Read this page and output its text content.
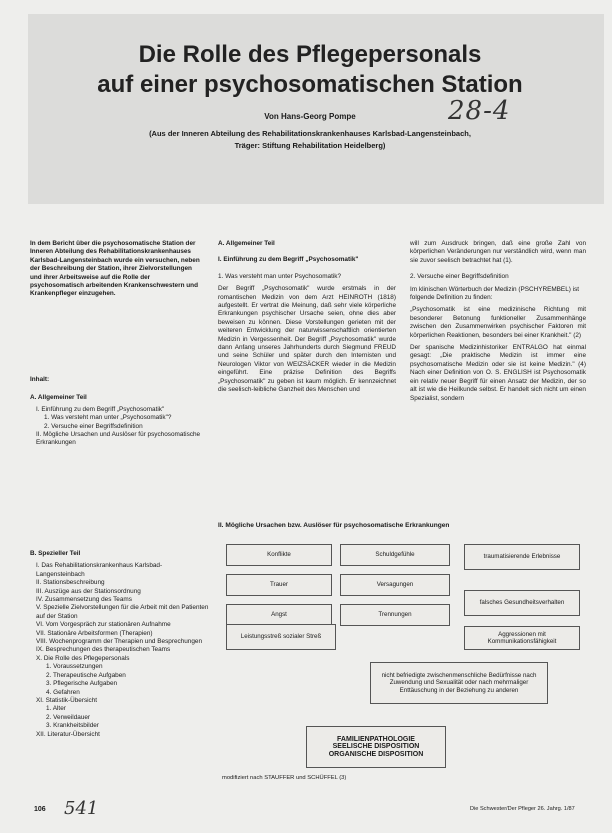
Die Rolle des Pflegepersonals
auf einer psychosomatischen Station
28-4
Von Hans-Georg Pompe
(Aus der Inneren Abteilung des Rehabilitationskrankenhauses Karlsbad-Langensteinbach,
Träger: Stiftung Rehabilitation Heidelberg)

In dem Bericht über die psychosomatische Station der Inneren Abteilung des Rehabilitationskrankenhauses Karlsbad-Langensteinbach wurde ein versuchen, neben der Beschreibung der Station, ihrer Zielvorstellungen und ihrer Arbeitsweise auf die Rolle der psychosomatisch arbeitenden Krankenschwestern und Krankenpfleger einzugehen.

Inhalt:
A. Allgemeiner Teil
I. Einführung zu dem Begriff „Psychosomatik"
1. Was versteht man unter „Psychosomatik"?
2. Versuche einer Begriffsdefinition
II. Mögliche Ursachen und Auslöser für psychosomatische Erkrankungen
B. Spezieller Teil
I. Das Rehabilitationskrankenhaus Karlsbad-Langensteinbach
II. Stationsbeschreibung
III. Auszüge aus der Stationsordnung
IV. Zusammensetzung des Teams
V. Spezielle Zielvorstellungen für die Arbeit mit den Patienten auf der Station
VI. Vom Vorgespräch zur stationären Aufnahme
VII. Stationäre Arbeitsformen (Therapien)
VIII. Wochenprogramm der Therapien und Besprechungen
IX. Besprechungen des therapeutischen Teams
X. Die Rolle des Pflegepersonals
1. Voraussetzungen
2. Therapeutische Aufgaben
3. Pflegerische Aufgaben
4. Gefahren
XI. Statistik-Übersicht
1. Alter
2. Verweildauer
3. Krankheitsbilder
XII. Literatur-Übersicht

A. Allgemeiner Teil

I. Einführung zu dem Begriff „Psychosomatik"

1. Was versteht man unter Psychosomatik?

Der Begriff „Psychosomatik" wurde erstmals in der romantischen Medizin von dem Arzt HEINROTH (1818) aufgestellt. Er vertrat die Meinung, daß sehr viele körperliche Erkrankungen psychischer Ursache seien, ohne dies aber beweisen zu können. Diese Vorstellungen gerieten mit der weiteren Entwicklung der naturwissenschaftlich orientierten Medizin in Vergessenheit. Der Begriff „Psychosomatik" wurde dann Anfang unseres Jahrhunderts durch Siegmund FREUD und seine Schüler und später durch den Internisten und Neurologen Viktor von WEIZSÄCKER wieder in die Medizin eingeführt. Eine präzise Definition des Begriffs „Psychosomatik" zu geben ist kaum möglich. Er kennzeichnet die seelisch-leibliche Ganzheit des Menschen und

will zum Ausdruck bringen, daß eine große Zahl von körperlichen Veränderungen nur verständlich wird, wenn man sie zuvor seelisch betrachtet hat (1).

2. Versuche einer Begriffsdefinition

Im klinischen Wörterbuch der Medizin (PSCHYREMBEL) ist folgende Definition zu finden:

„Psychosomatik ist eine medizinische Richtung mit besonderer Betonung funktioneller Zusammenhänge zwischen den Zusammenwirken psychischer Faktoren mit körperlichen Reaktionen, besonders bei einer Krankheit." (2)

Der spanische Medizinhistoriker ENTRALGO hat einmal gesagt: „Die praktische Medizin ist immer eine psychosomatische Medizin oder sie ist keine Medizin." (4) Nach einer Definition von O. S. ENGLISH ist Psychosomatik ein relativ neuer Begriff für einen Ansatz der Medizin, der so alt ist wie die Heilkunde selbst. Er handelt sich nicht um einen Spezialist, sondern

II. Mögliche Ursachen bzw. Auslöser für psychosomatische Erkrankungen
Konflikte	Schuldgefühle	traumatisierende Erlebnisse
Trauer	Versagungen
falsches Gesundheitsverhalten
Angst	Trennungen
Leistungsstreß sozialer Streß	Aggressionen mit Kommunikationsfähigkeit
nicht befriedigte zwischenmenschliche Bedürfnisse nach Zuwendung und Sexualität oder nach mehrmaliger Enttäuschung in der Beziehung zu anderen
FAMILIENPATHOLOGIE
SEELISCHE DISPOSITION
ORGANISCHE DISPOSITION
modifiziert nach STAUFFER und SCHÜFFEL (3)
106 541	Die Schwester/Der Pfleger 26. Jahrg. 1/87
